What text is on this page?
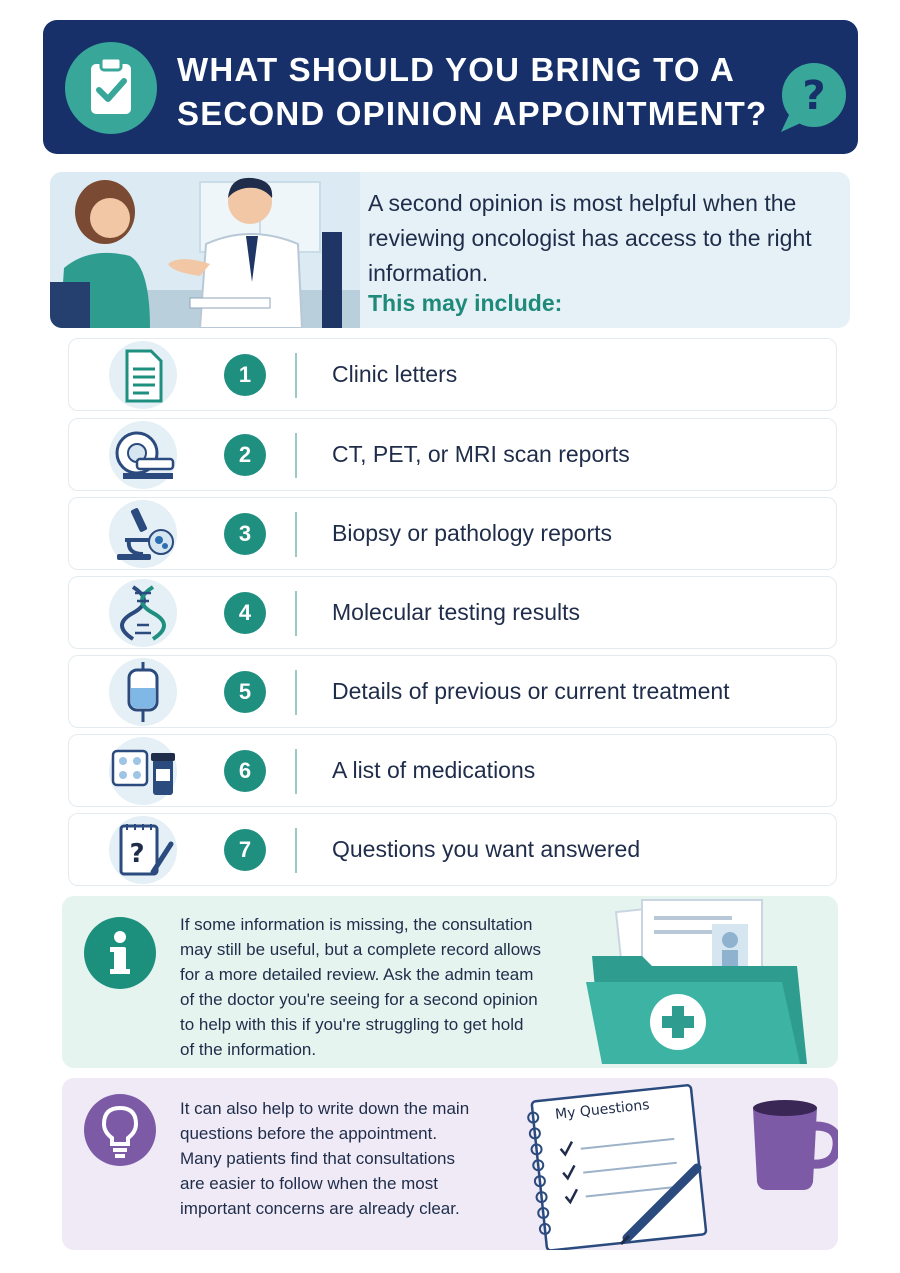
WHAT SHOULD YOU BRING TO A
SECOND OPINION APPOINTMENT? ?
A second opinion is most helpful when the reviewing oncologist has access to the right information.
This may include:
1	Clinic letters
2	CT, PET, or MRI scan reports
3	Biopsy or pathology reports
4	Molecular testing results
5	Details of previous or current treatment
6	A list of medications
?	7	Questions you want answered
If some information is missing, the consultation
may still be useful, but a complete record allows
for a more detailed review. Ask the admin team
of the doctor you're seeing for a second opinion
to help with this if you're struggling to get hold
of the information.
It can also help to write down the main
questions before the appointment.
Many patients find that consultations
are easier to follow when the most
important concerns are already clear.
My Questions
